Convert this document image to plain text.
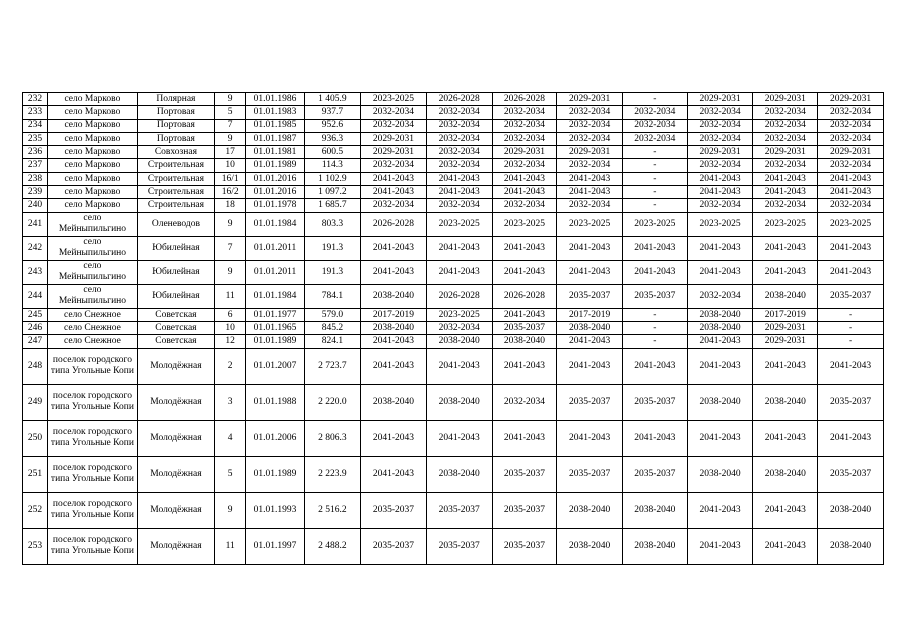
232	село Марково	Полярная	9	01.01.1986	1 405.9	2023-2025	2026-2028	2026-2028	2029-2031	-	2029-2031	2029-2031	2029-2031
233	село Марково	Портовая	5	01.01.1983	937.7	2032-2034	2032-2034	2032-2034	2032-2034	2032-2034	2032-2034	2032-2034	2032-2034
234	село Марково	Портовая	7	01.01.1985	952.6	2032-2034	2032-2034	2032-2034	2032-2034	2032-2034	2032-2034	2032-2034	2032-2034
235	село Марково	Портовая	9	01.01.1987	936.3	2029-2031	2032-2034	2032-2034	2032-2034	2032-2034	2032-2034	2032-2034	2032-2034
236	село Марково	Совхозная	17	01.01.1981	600.5	2029-2031	2032-2034	2029-2031	2029-2031	-	2029-2031	2029-2031	2029-2031
237	село Марково	Строительная	10	01.01.1989	114.3	2032-2034	2032-2034	2032-2034	2032-2034	-	2032-2034	2032-2034	2032-2034
238	село Марково	Строительная	16/1	01.01.2016	1 102.9	2041-2043	2041-2043	2041-2043	2041-2043	-	2041-2043	2041-2043	2041-2043
239	село Марково	Строительная	16/2	01.01.2016	1 097.2	2041-2043	2041-2043	2041-2043	2041-2043	-	2041-2043	2041-2043	2041-2043
240	село Марково	Строительная	18	01.01.1978	1 685.7	2032-2034	2032-2034	2032-2034	2032-2034	-	2032-2034	2032-2034	2032-2034
241	село Мейныпильгино	Оленеводов	9	01.01.1984	803.3	2026-2028	2023-2025	2023-2025	2023-2025	2023-2025	2023-2025	2023-2025	2023-2025
242	село Мейныпильгино	Юбилейная	7	01.01.2011	191.3	2041-2043	2041-2043	2041-2043	2041-2043	2041-2043	2041-2043	2041-2043	2041-2043
243	село Мейныпильгино	Юбилейная	9	01.01.2011	191.3	2041-2043	2041-2043	2041-2043	2041-2043	2041-2043	2041-2043	2041-2043	2041-2043
244	село Мейныпильгино	Юбилейная	11	01.01.1984	784.1	2038-2040	2026-2028	2026-2028	2035-2037	2035-2037	2032-2034	2038-2040	2035-2037
245	село Снежное	Советская	6	01.01.1977	579.0	2017-2019	2023-2025	2041-2043	2017-2019	-	2038-2040	2017-2019	-
246	село Снежное	Советская	10	01.01.1965	845.2	2038-2040	2032-2034	2035-2037	2038-2040	-	2038-2040	2029-2031	-
247	село Снежное	Советская	12	01.01.1989	824.1	2041-2043	2038-2040	2038-2040	2041-2043	-	2041-2043	2029-2031	-
248	поселок городского типа Угольные Копи	Молодёжная	2	01.01.2007	2 723.7	2041-2043	2041-2043	2041-2043	2041-2043	2041-2043	2041-2043	2041-2043	2041-2043
249	поселок городского типа Угольные Копи	Молодёжная	3	01.01.1988	2 220.0	2038-2040	2038-2040	2032-2034	2035-2037	2035-2037	2038-2040	2038-2040	2035-2037
250	поселок городского типа Угольные Копи	Молодёжная	4	01.01.2006	2 806.3	2041-2043	2041-2043	2041-2043	2041-2043	2041-2043	2041-2043	2041-2043	2041-2043
251	поселок городского типа Угольные Копи	Молодёжная	5	01.01.1989	2 223.9	2041-2043	2038-2040	2035-2037	2035-2037	2035-2037	2038-2040	2038-2040	2035-2037
252	поселок городского типа Угольные Копи	Молодёжная	9	01.01.1993	2 516.2	2035-2037	2035-2037	2035-2037	2038-2040	2038-2040	2041-2043	2041-2043	2038-2040
253	поселок городского типа Угольные Копи	Молодёжная	11	01.01.1997	2 488.2	2035-2037	2035-2037	2035-2037	2038-2040	2038-2040	2041-2043	2041-2043	2038-2040
